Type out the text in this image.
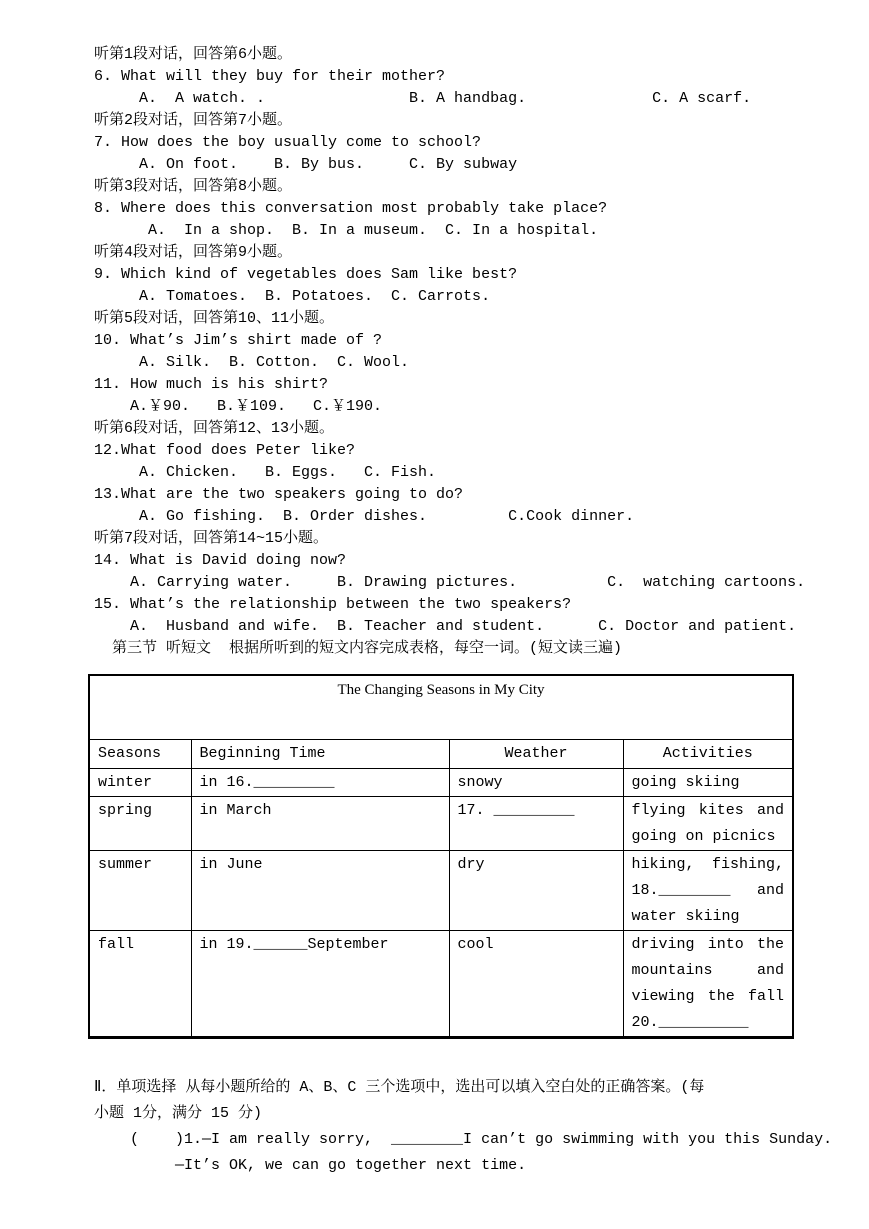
听第1段对话，回答第6小题。
6. What will they buy for their mother?
A.  A watch. .                B. A handbag.              C. A scarf.
听第2段对话，回答第7小题。
7. How does the boy usually come to school?
A. On foot.    B. By bus.     C. By subway
听第3段对话，回答第8小题。
8. Where does this conversation most probably take place?
A.  In a shop.  B. In a museum.  C. In a hospital.
听第4段对话，回答第9小题。
9. Which kind of vegetables does Sam like best?
A. Tomatoes.  B. Potatoes.  C. Carrots.
听第5段对话，回答第10、11小题。
10. What’s Jim’s shirt made of ?
A. Silk.  B. Cotton.  C. Wool.
11. How much is his shirt?
A.￥90.   B.￥109.   C.￥190.
听第6段对话，回答第12、13小题。
12.What food does Peter like?
A. Chicken.   B. Eggs.   C. Fish.
13.What are the two speakers going to do?
A. Go fishing.  B. Order dishes.         C.Cook dinner.
听第7段对话，回答第14~15小题。
14. What is David doing now?
A. Carrying water.     B. Drawing pictures.          C.  watching cartoons.
15. What’s the relationship between the two speakers?
A.  Husband and wife.  B. Teacher and student.      C. Doctor and patient.
第三节 听短文  根据所听到的短文内容完成表格，每空一词。(短文读三遍)
The Changing Seasons in My City			
Seasons	Beginning Time	Weather	Activities
winter	in 16._________	snowy	going skiing
spring	in March	17. _________	flying kites and going on picnics
summer	in June	dry	hiking, fishing, 18.________ and water skiing
fall	in 19.______September	cool	driving into the mountains and viewing the fall 20.__________
Ⅱ．单项选择 从每小题所给的 A、B、C 三个选项中，选出可以填入空白处的正确答案。(每
小题 1分，满分 15 分)
(    )1.—I am really sorry,  ________I can’t go swimming with you this Sunday.
—It’s OK, we can go together next time.
